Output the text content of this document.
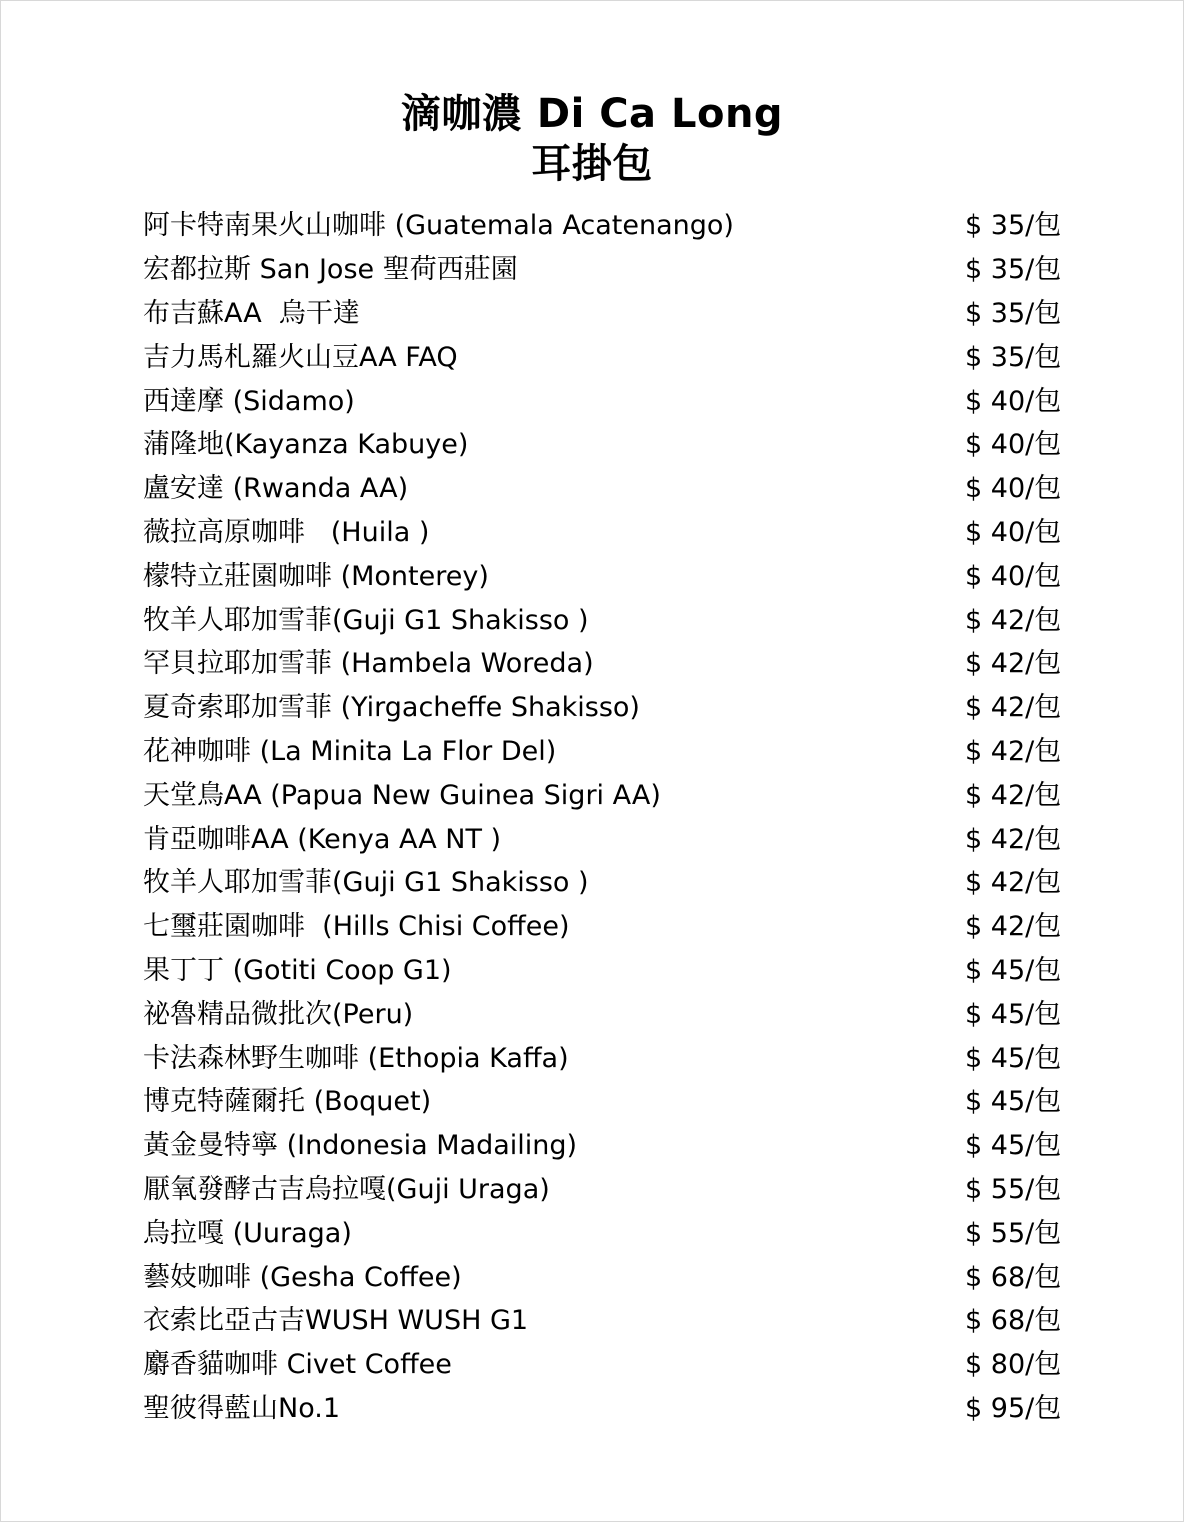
滴咖濃 Di Ca Long
耳掛包
阿卡特南果火山咖啡 (Guatemala Acatenango)	$ 35/包
宏都拉斯 San Jose 聖荷西莊園	$ 35/包
布吉蘇AA  烏干達	$ 35/包
吉力馬札羅火山豆AA FAQ	$ 35/包
西達摩 (Sidamo)	$ 40/包
蒲隆地(Kayanza Kabuye)	$ 40/包
盧安達 (Rwanda AA)	$ 40/包
薇拉高原咖啡   (Huila )	$ 40/包
檬特立莊園咖啡 (Monterey)	$ 40/包
牧羊人耶加雪菲(Guji G1 Shakisso )	$ 42/包
罕貝拉耶加雪菲 (Hambela Woreda)	$ 42/包
夏奇索耶加雪菲 (Yirgacheffe Shakisso)	$ 42/包
花神咖啡 (La Minita La Flor Del)	$ 42/包
天堂鳥AA (Papua New Guinea Sigri AA)	$ 42/包
肯亞咖啡AA (Kenya AA NT )	$ 42/包
牧羊人耶加雪菲(Guji G1 Shakisso )	$ 42/包
七璽莊園咖啡  (Hills Chisi Coffee)	$ 42/包
果丁丁 (Gotiti Coop G1)	$ 45/包
祕魯精品微批次(Peru)	$ 45/包
卡法森林野生咖啡 (Ethopia Kaffa)	$ 45/包
博克特薩爾托 (Boquet)	$ 45/包
黃金曼特寧 (Indonesia Madailing)	$ 45/包
厭氧發酵古吉烏拉嘎(Guji Uraga)	$ 55/包
烏拉嘎 (Uuraga)	$ 55/包
藝妓咖啡 (Gesha Coffee)	$ 68/包
衣索比亞古吉WUSH WUSH G1	$ 68/包
麝香貓咖啡 Civet Coffee	$ 80/包
聖彼得藍山No.1	$ 95/包
